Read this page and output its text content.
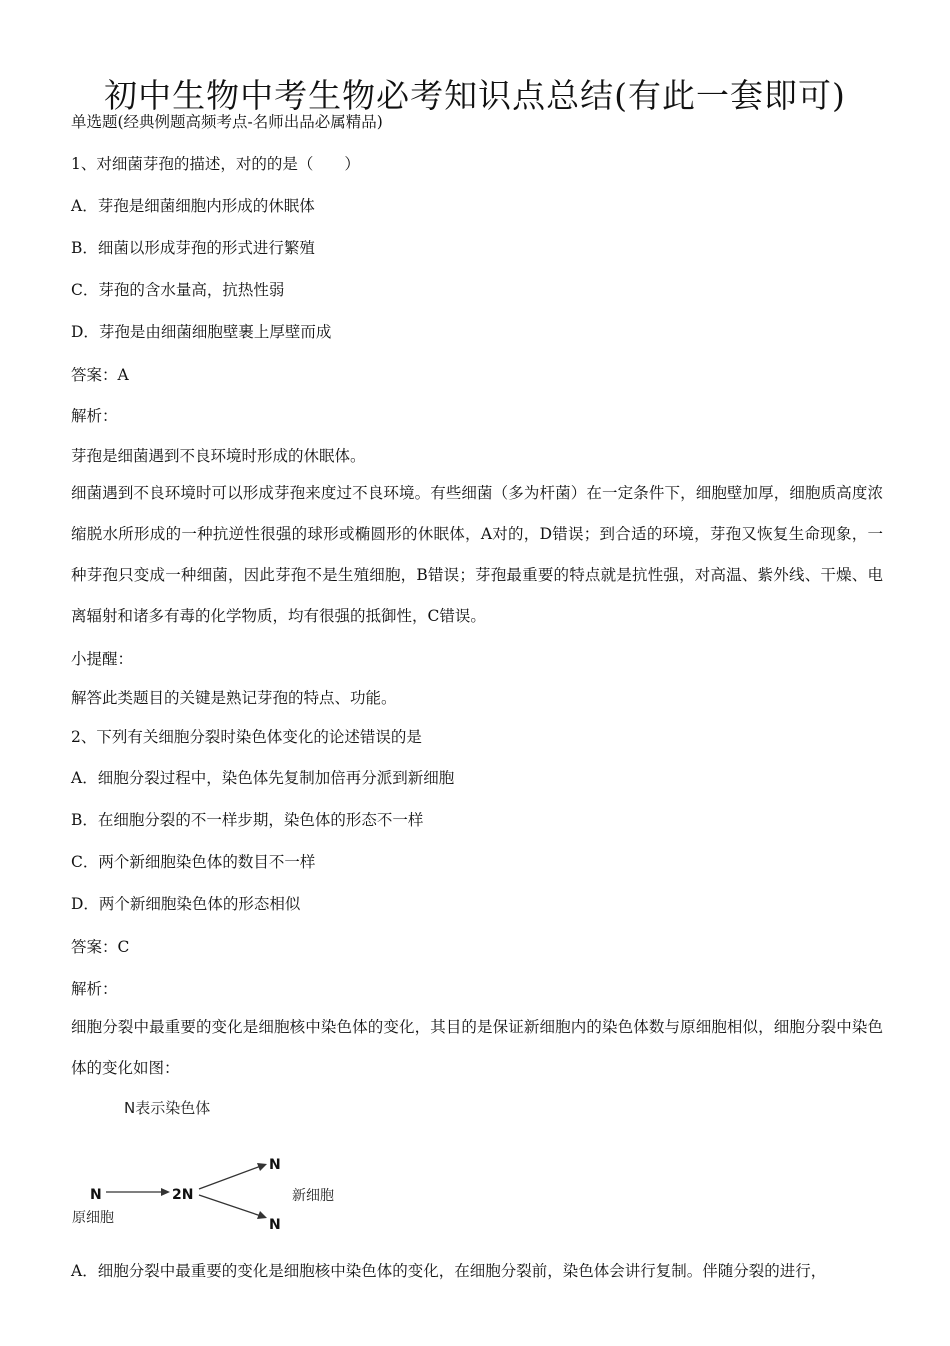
初中生物中考生物必考知识点总结(有此一套即可)
单选题(经典例题高频考点-名师出品必属精品)
1、对细菌芽孢的描述，对的的是（　　）
A．芽孢是细菌细胞内形成的休眠体
B．细菌以形成芽孢的形式进行繁殖
C．芽孢的含水量高，抗热性弱
D．芽孢是由细菌细胞壁裹上厚壁而成
答案：A
解析：
芽孢是细菌遇到不良环境时形成的休眠体。
细菌遇到不良环境时可以形成芽孢来度过不良环境。有些细菌（多为杆菌）在一定条件下，细胞壁加厚，细胞质高度浓缩脱水所形成的一种抗逆性很强的球形或椭圆形的休眠体，A对的，D错误；到合适的环境，芽孢又恢复生命现象，一种芽孢只变成一种细菌，因此芽孢不是生殖细胞，B错误；芽孢最重要的特点就是抗性强，对高温、紫外线、干燥、电离辐射和诸多有毒的化学物质，均有很强的抵御性，C错误。
小提醒：
解答此类题目的关键是熟记芽孢的特点、功能。
2、下列有关细胞分裂时染色体变化的论述错误的是
A．细胞分裂过程中，染色体先复制加倍再分派到新细胞
B．在细胞分裂的不一样步期，染色体的形态不一样
C．两个新细胞染色体的数目不一样
D．两个新细胞染色体的形态相似
答案：C
解析：
细胞分裂中最重要的变化是细胞核中染色体的变化，其目的是保证新细胞内的染色体数与原细胞相似，细胞分裂中染色体的变化如图：
N表示染色体
N	2N
N
N
新细胞
原细胞
A．细胞分裂中最重要的变化是细胞核中染色体的变化，在细胞分裂前，染色体会讲行复制。伴随分裂的进行，
